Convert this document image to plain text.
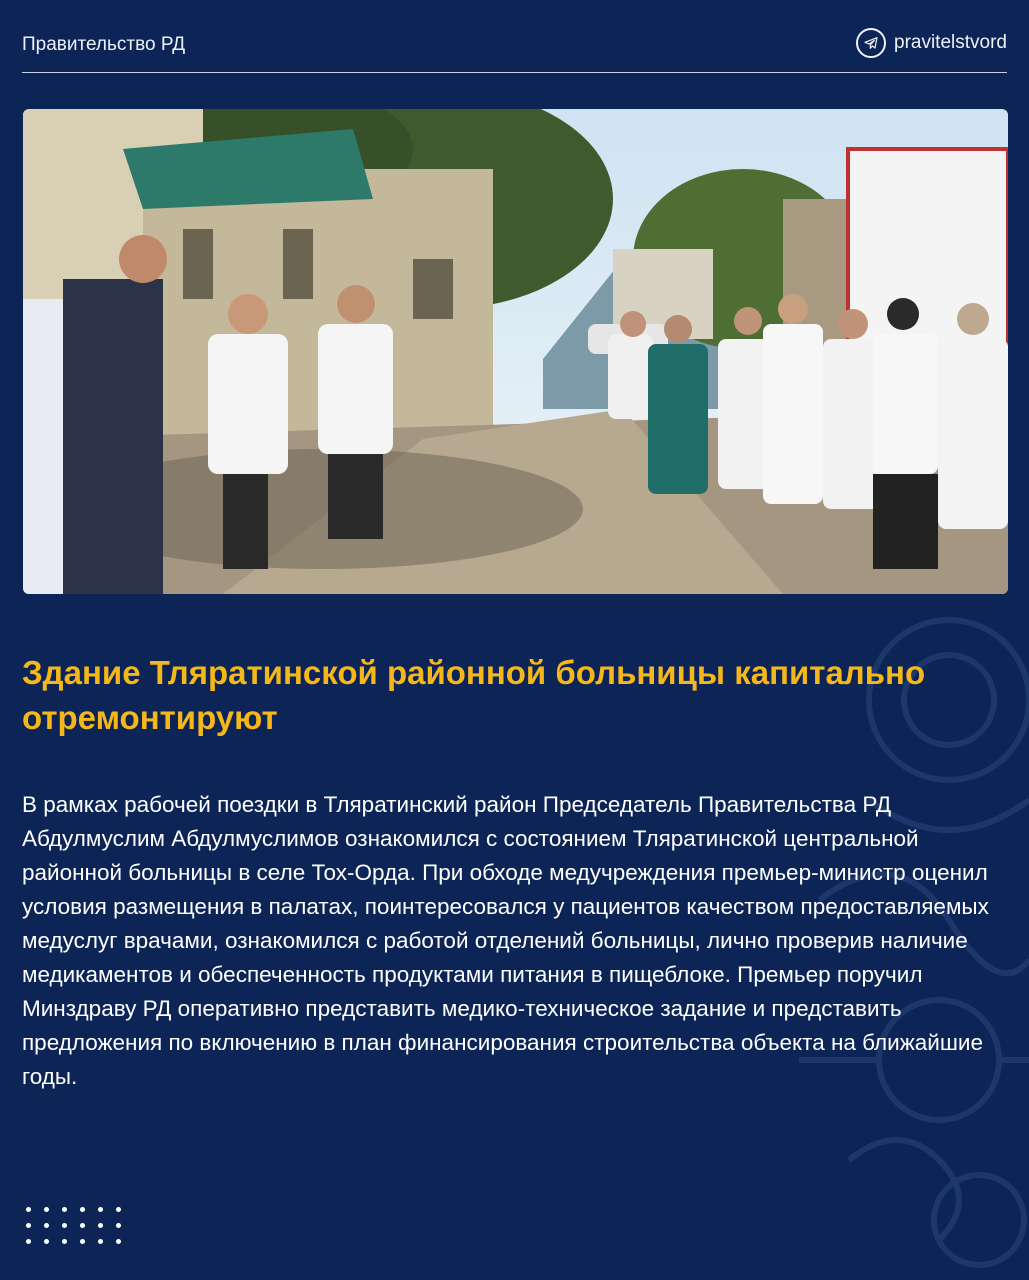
Правительство РД	pravitelstvord
Здание Тляратинской районной больницы капитально отремонтируют

В рамках рабочей поездки в Тляратинский район Председатель Правительства РД Абдулмуслим Абдулмуслимов ознакомился с состоянием Тляратинской центральной районной больницы в селе Тох-Орда. При обходе медучреждения премьер-министр оценил условия размещения в палатах, поинтересовался у пациентов качеством предоставляемых медуслуг врачами, ознакомился с работой отделений больницы, лично проверив наличие медикаментов и обеспеченность продуктами питания в пищеблоке. Премьер поручил Минздраву РД оперативно представить медико-техническое задание и представить предложения по включению в план финансирования строительства объекта на ближайшие годы.
